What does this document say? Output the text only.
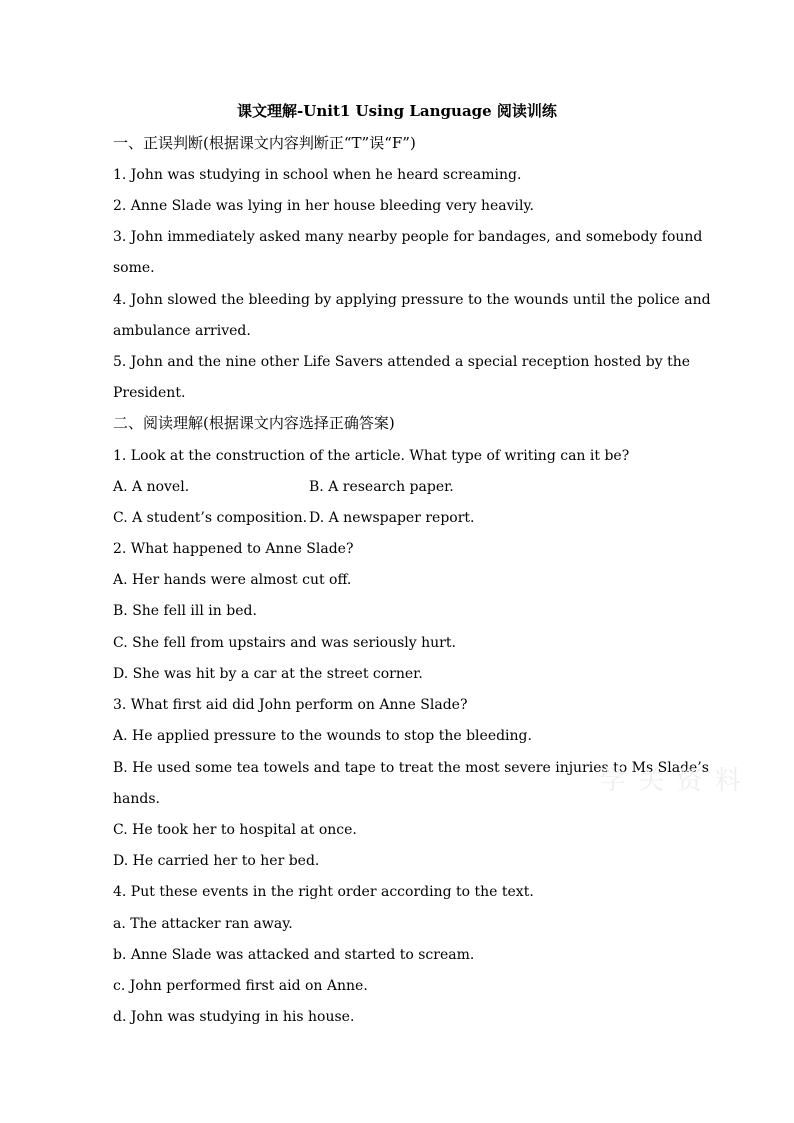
课文理解-Unit1 Using Language 阅读训练
一、正误判断(根据课文内容判断正“T”误“F”)
1. John was studying in school when he heard screaming.
2. Anne Slade was lying in her house bleeding very heavily.
3. John immediately asked many nearby people for bandages, and somebody found
some.
4. John slowed the bleeding by applying pressure to the wounds until the police and
ambulance arrived.
5. John and the nine other Life Savers attended a special reception hosted by the
President.
二、阅读理解(根据课文内容选择正确答案)
1. Look at the construction of the article. What type of writing can it be?
A. A novel.	B. A research paper.
C. A student’s composition. D. A newspaper report.
2. What happened to Anne Slade?
A. Her hands were almost cut off.
B. She fell ill in bed.
C. She fell from upstairs and was seriously hurt.
D. She was hit by a car at the street corner.
3. What first aid did John perform on Anne Slade?
A. He applied pressure to the wounds to stop the bleeding.
B. He used some tea towels and tape to treat the most severe injuries to Ms Slade’s
hands.
C. He took her to hospital at once.
D. He carried her to her bed.
4. Put these events in the right order according to the text.
a. The attacker ran away.
b. Anne Slade was attacked and started to scream.
c. John performed first aid on Anne.
d. John was studying in his house.
学 关 资 料
